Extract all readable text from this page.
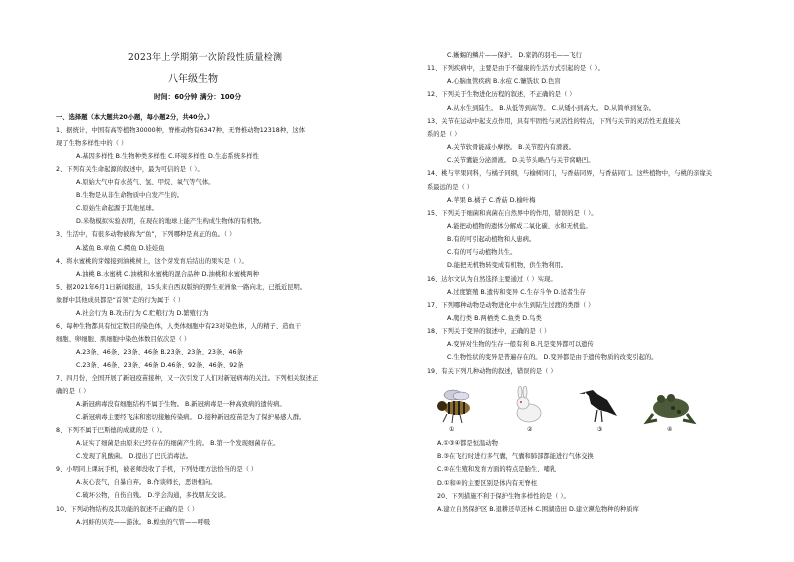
2023年上学期第一次阶段性质量检测
八年级生物
时间：60分钟 满分：100分
一、选择题（本大题共20小题，每小题2分，共40分。）
1、据统计，中国有高等植物30000种，脊椎动物有6347种，无脊椎动物12318种，这体
现了生物多样性中的（ ）
A.基因多样性 B.生物种类多样性 C.环境多样性 D.生态系统多样性
2、下列有关生命起源的叙述中，最为可信的是（ ）。
A.原始大气中有水蒸气、氢、甲烷、氧气等气体。
B.生物是从非生命物质中自发产生的。
C.原始生命起源于其他星球。
D.米勒模拟实验表明，在现在的地球上能产生构成生物体的有机物。
3、生活中，有很多动物被称为“鱼”，下列哪种是真正的鱼。（ ）
A.鲨鱼 B.章鱼 C.鳄鱼 D.娃娃鱼
4、将水蜜桃的芽嫁接到油桃树上，这个芽发育后结出的果实是（ ）。
A.油桃 B.水蜜桃 C.油桃和水蜜桃的混合品种 D.油桃和水蜜桃两种
5、据2021年6月1日新闻报道，15头来自西双版纳的野生亚洲象一路向北，已抵近昆明。
象群中其他成员都是“首领”走的行为属于（ ）
A.社会行为 B.攻击行为 C.贮粮行为 D.繁殖行为
6、每种生物都具有恒定数目的染色体，人类体细胞中有23对染色体，人的精子、造血干
细胞、卵细胞、肌细胞中染色体数目依次是（ ）
A.23条、46条、23条、46条 B.23条、23条、23条、46条
C.23条、46条、23条、46条 D.46条、92条、46条、92条
7、四月份，全国开展了新冠疫苗接种，又一次引发了人们对新冠病毒的关注。下列相关叙述正
确的是（ ）
A.新冠病毒没有细胞结构不属于生物。 B.新冠病毒是一种高致病的遗传病。
C.新冠病毒主要经飞沫和密切接触传染病。 D.接种新冠疫苗是为了保护易感人群。
8、下列不属于巴斯德的成就的是（ ）。
A.证实了细菌是由原来已经存在的细菌产生的。 B.第一个发现细菌存在。
C.发现了乳酸菌。 D.提出了巴氏消毒法。
9、小明同上课玩手机，被老师没收了手机，下列处理方法恰当的是（ ）
A.灰心丧气，自暴自弃。 B.作谈师长，恶语相向。
C.破坏公物，自伤自残。 D.学会沟通，多找朋友交谈。
10、下列动物结构及其功能的叙述不正确的是（ ）
A.河蚌的贝壳——游泳。 B.蝗虫的气管——呼吸
C.蜥蜴的鳞片——保护。 D.家鸽的羽毛——飞行
11、下列疾病中，主要是由于不健康的生活方式引起的是（ ）。
A.心脑血管疾病 B.水痘 C.镰铣状 D.色盲
12、下列关于生物进化历程的叙述，不正确的是（ ）
A.从水生到陆生。 B.从低等到高等。 C.从矮小到高大。 D.从简单到复杂。
13、关节在运动中起支点作用，具有牢固性与灵活性的特点，下列与关节的灵活性无直接关
系的是（ ）
A.关节软骨能减小摩擦。 B.关节腔内有滑液。
C.关节囊能分泌滑液。 D.关节头略凸与关节窝略凹。
14、桃与苹果同科，与橘子同纲，与榆树同门，与香菇同界，与香菇同门。这些植物中，与桃的亲缘关
系最远的是（ ）
A.苹果 B.橘子 C.香菇 D.榆叶梅
15、下列关于细菌和真菌在自然界中的作用，错误的是（ ）。
A.能把动植物的遗体分解成二氧化碳、水和无机盐。
B.有的可引起动植物和人患病。
C.有的可与动植物共生。
D.能把无机物转变成有机物，供生物利用。
16、达尔文认为自然选择主要通过（ ）实现。
A.过度繁殖 B.遗传和变异 C.生存斗争 D.适者生存
17、下列哪种动物是动物进化中水生到陆生过渡的类群（ ）
A.爬行类 B.两栖类 C.鱼类 D.鸟类
18、下列关于变异的叙述中，正确的是（ ）
A.变异对生物的生存一般有利 B.凡是变异都可以遗传
C.生物性状的变异是普遍存在的。 D.变异都是由于遗传物质的改变引起的。
19、有关下列几种动物的叙述，错误的是（ ）
①	②	③	④
A.①③④都是恒温动物
B.③在飞行时进行多气囊，气囊和肺部都能进行气体交换
C.②在生殖和发育方面的特点是胎生、哺乳
D.①和④的主要区别是体内有无脊柱
20、下列措施不利于保护生物多样性的是（ ）。
A.建立自然保护区 B.退耕还草还林 C.围湖造田 D.建立濒危物种的种质库
